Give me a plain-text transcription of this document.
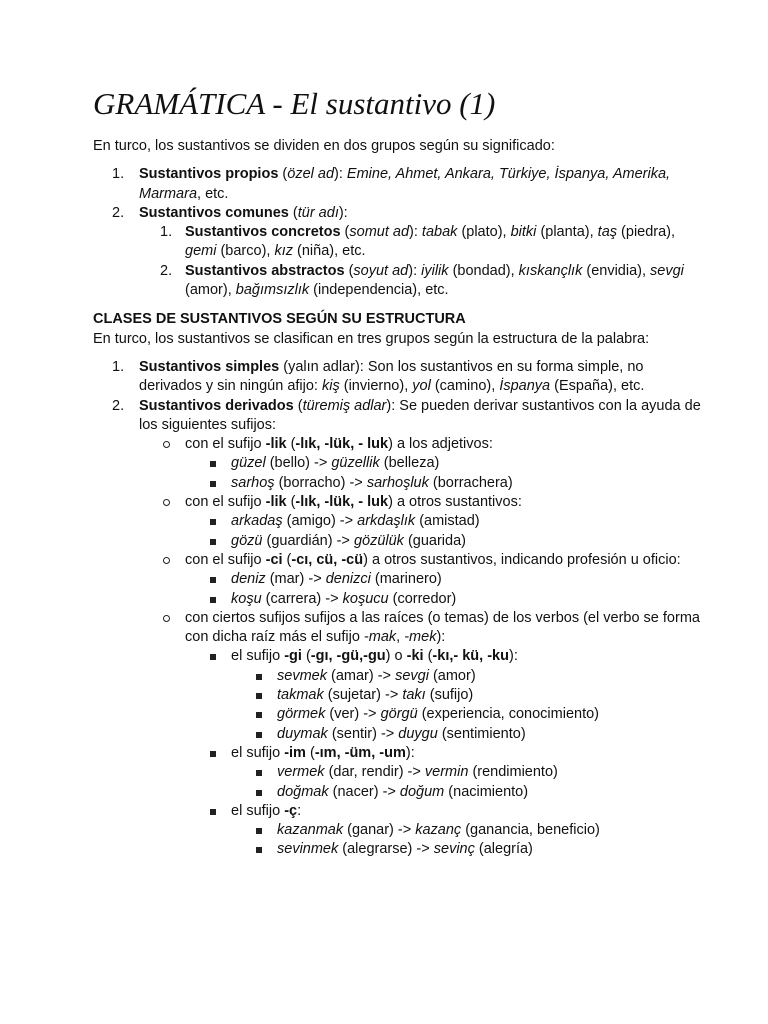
GRAMÁTICA - El sustantivo (1)

En turco, los sustantivos se dividen en dos grupos según su significado:

1. Sustantivos propios (özel ad): Emine, Ahmet, Ankara, Türkiye, İspanya, Amerika, Marmara, etc.
2. Sustantivos comunes (tür adı):
1. Sustantivos concretos (somut ad): tabak (plato), bitki (planta), taş (piedra), gemi (barco), kız (niña), etc.
2. Sustantivos abstractos (soyut ad): iyilik (bondad), kıskançlık (envidia), sevgi (amor), bağımsızlık (independencia), etc.

CLASES DE SUSTANTIVOS SEGÚN SU ESTRUCTURA

En turco, los sustantivos se clasifican en tres grupos según la estructura de la palabra:

1. Sustantivos simples (yalın adlar): Son los sustantivos en su forma simple, no derivados y sin ningún afijo: kiş (invierno), yol (camino), İspanya (España), etc.
2. Sustantivos derivados (türemiş adlar): Se pueden derivar sustantivos con la ayuda de los siguientes sufijos:
con el sufijo -lik (-lık, -lük, - luk) a los adjetivos:
güzel (bello) -> güzellik (belleza)
sarhoş (borracho) -> sarhoşluk (borrachera)
con el sufijo -lik (-lık, -lük, - luk) a otros sustantivos:
arkadaş (amigo) -> arkdaşlık (amistad)
gözü (guardián) -> gözülük (guarida)
con el sufijo -ci (-cı, cü, -cü) a otros sustantivos, indicando profesión u oficio:
deniz (mar) -> denizci (marinero)
koşu (carrera) -> koşucu (corredor)
con ciertos sufijos sufijos a las raíces (o temas) de los verbos (el verbo se forma con dicha raíz más el sufijo -mak, -mek):
el sufijo -gi (-gı, -gü,-gu) o -ki (-kı,- kü, -ku):
sevmek (amar) -> sevgi (amor)
takmak (sujetar) -> takı (sufijo)
görmek (ver) -> görgü (experiencia, conocimiento)
duymak (sentir) -> duygu (sentimiento)
el sufijo -im (-ım, -üm, -um):
vermek (dar, rendir) -> vermin (rendimiento)
doğmak (nacer) -> doğum (nacimiento)
el sufijo -ç:
kazanmak (ganar) -> kazanç (ganancia, beneficio)
sevinmek (alegrarse) -> sevinç (alegría)
